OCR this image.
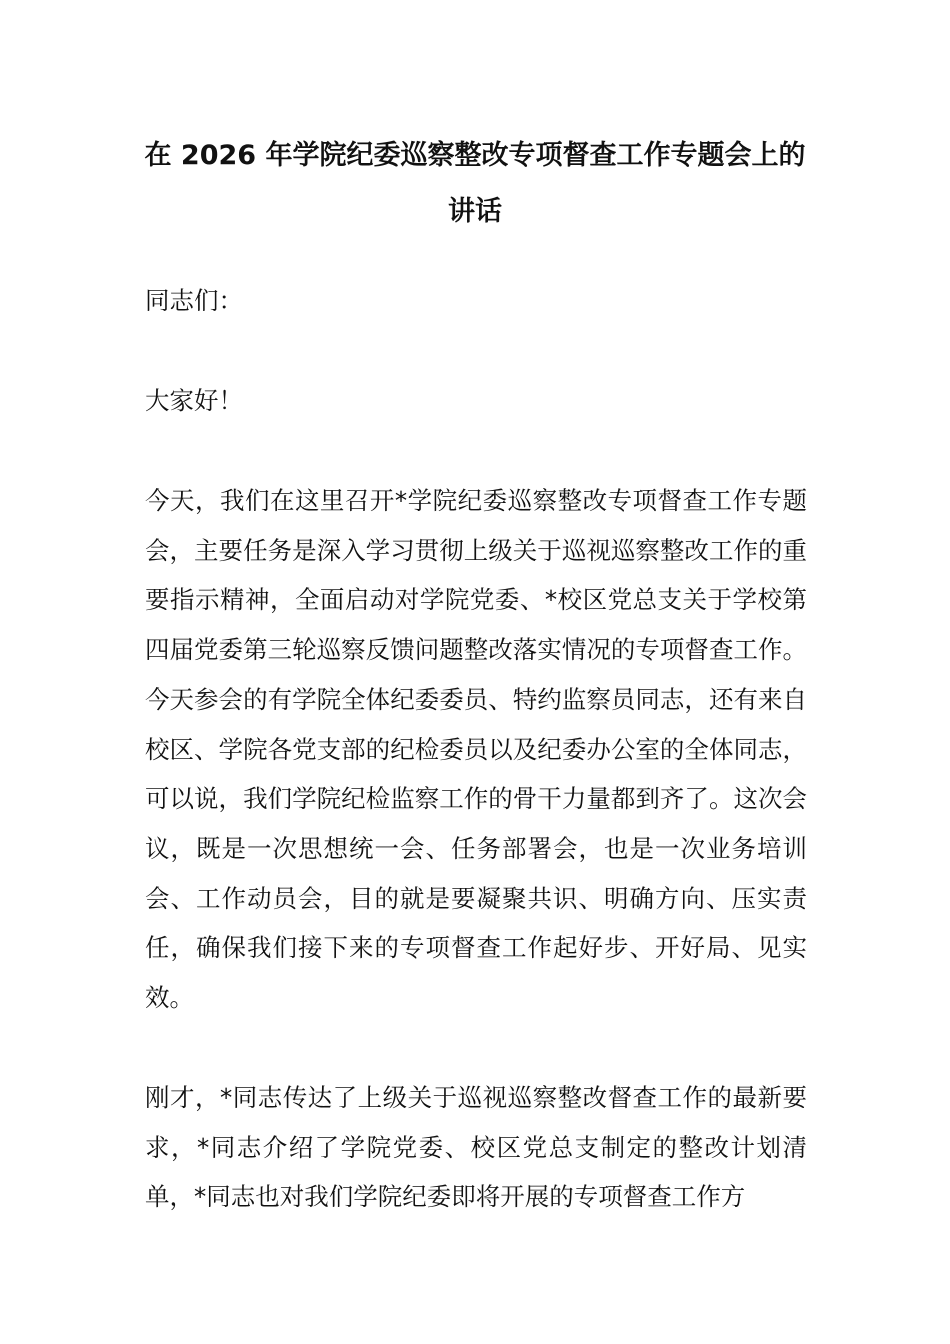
在 2026 年学院纪委巡察整改专项督查工作专题会上的讲话

同志们：

大家好！

今天，我们在这里召开*学院纪委巡察整改专项督查工作专题会，主要任务是深入学习贯彻上级关于巡视巡察整改工作的重要指示精神，全面启动对学院党委、*校区党总支关于学校第四届党委第三轮巡察反馈问题整改落实情况的专项督查工作。今天参会的有学院全体纪委委员、特约监察员同志，还有来自校区、学院各党支部的纪检委员以及纪委办公室的全体同志，可以说，我们学院纪检监察工作的骨干力量都到齐了。这次会议，既是一次思想统一会、任务部署会，也是一次业务培训会、工作动员会，目的就是要凝聚共识、明确方向、压实责任，确保我们接下来的专项督查工作起好步、开好局、见实效。

刚才，*同志传达了上级关于巡视巡察整改督查工作的最新要求，*同志介绍了学院党委、校区党总支制定的整改计划清单，*同志也对我们学院纪委即将开展的专项督查工作方
